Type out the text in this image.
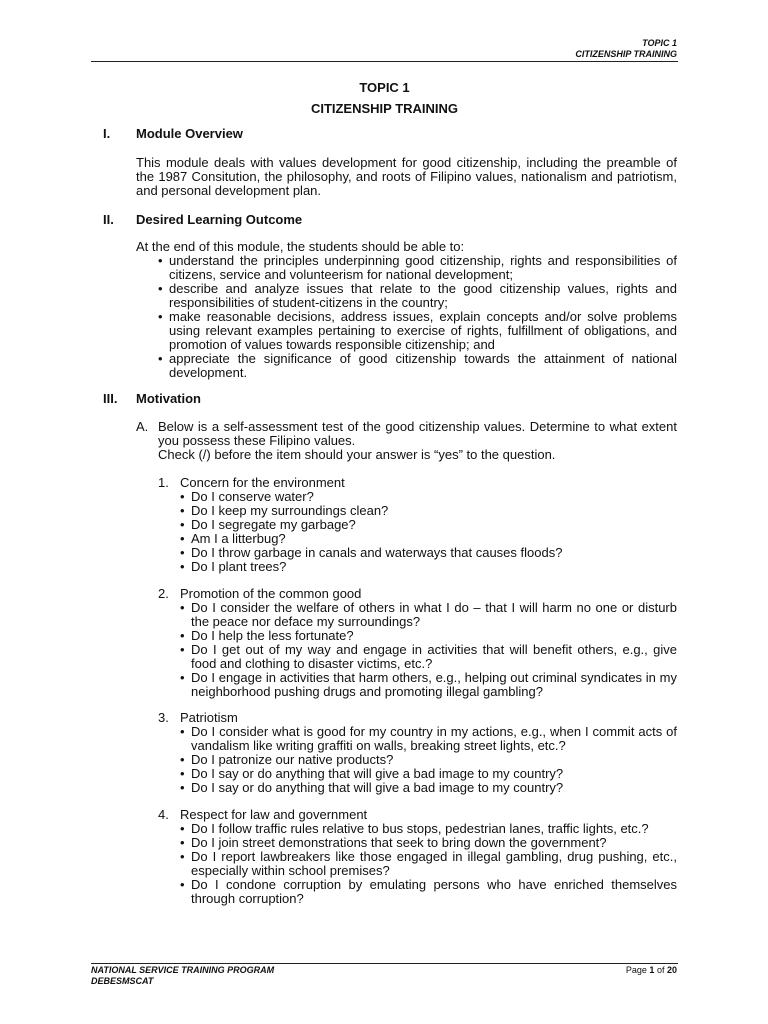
TOPIC 1
CITIZENSHIP TRAINING
TOPIC 1
CITIZENSHIP TRAINING
I. Module Overview
This module deals with values development for good citizenship, including the preamble of the 1987 Consitution, the philosophy, and roots of Filipino values, nationalism and patriotism, and personal development plan.
II. Desired Learning Outcome
At the end of this module, the students should be able to:
• understand the principles underpinning good citizenship, rights and responsibilities of citizens, service and volunteerism for national development;
• describe and analyze issues that relate to the good citizenship values, rights and responsibilities of student-citizens in the country;
• make reasonable decisions, address issues, explain concepts and/or solve problems using relevant examples pertaining to exercise of rights, fulfillment of obligations, and promotion of values towards responsible citizenship; and
• appreciate the significance of good citizenship towards the attainment of national development.
III. Motivation
A. Below is a self-assessment test of the good citizenship values. Determine to what extent you possess these Filipino values.
Check (/) before the item should your answer is “yes” to the question.
1. Concern for the environment
• Do I conserve water?
• Do I keep my surroundings clean?
• Do I segregate my garbage?
• Am I a litterbug?
• Do I throw garbage in canals and waterways that causes floods?
• Do I plant trees?
2. Promotion of the common good
• Do I consider the welfare of others in what I do – that I will harm no one or disturb the peace nor deface my surroundings?
• Do I help the less fortunate?
• Do I get out of my way and engage in activities that will benefit others, e.g., give food and clothing to disaster victims, etc.?
• Do I engage in activities that harm others, e.g., helping out criminal syndicates in my neighborhood pushing drugs and promoting illegal gambling?
3. Patriotism
• Do I consider what is good for my country in my actions, e.g., when I commit acts of vandalism like writing graffiti on walls, breaking street lights, etc.?
• Do I patronize our native products?
• Do I say or do anything that will give a bad image to my country?
• Do I say or do anything that will give a bad image to my country?
4. Respect for law and government
• Do I follow traffic rules relative to bus stops, pedestrian lanes, traffic lights, etc.?
• Do I join street demonstrations that seek to bring down the government?
• Do I report lawbreakers like those engaged in illegal gambling, drug pushing, etc., especially within school premises?
• Do I condone corruption by emulating persons who have enriched themselves through corruption?
NATIONAL SERVICE TRAINING PROGRAM
DEBESMSCAT
Page 1 of 20
